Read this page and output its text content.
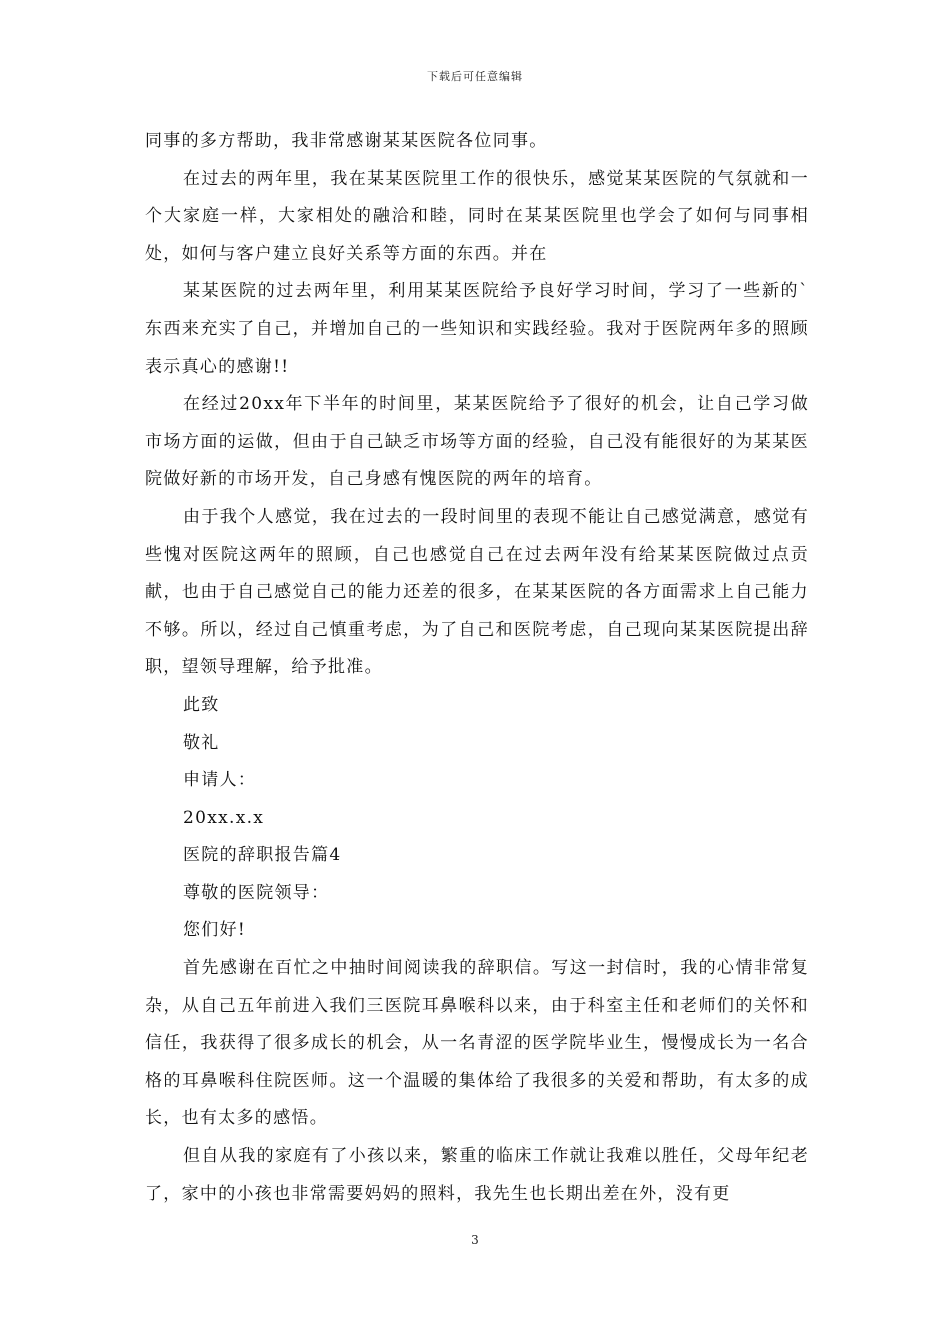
下载后可任意编辑

同事的多方帮助，我非常感谢某某医院各位同事。

在过去的两年里，我在某某医院里工作的很快乐，感觉某某医院的气氛就和一个大家庭一样，大家相处的融洽和睦，同时在某某医院里也学会了如何与同事相处，如何与客户建立良好关系等方面的东西。并在

某某医院的过去两年里，利用某某医院给予良好学习时间，学习了一些新的`东西来充实了自己，并增加自己的一些知识和实践经验。我对于医院两年多的照顾表示真心的感谢!!

在经过20xx年下半年的时间里，某某医院给予了很好的机会，让自己学习做市场方面的运做，但由于自己缺乏市场等方面的经验，自己没有能很好的为某某医院做好新的市场开发，自己身感有愧医院的两年的培育。

由于我个人感觉，我在过去的一段时间里的表现不能让自己感觉满意，感觉有些愧对医院这两年的照顾，自己也感觉自己在过去两年没有给某某医院做过点贡献，也由于自己感觉自己的能力还差的很多，在某某医院的各方面需求上自己能力不够。所以，经过自己慎重考虑，为了自己和医院考虑，自己现向某某医院提出辞职，望领导理解，给予批准。

此致

敬礼

申请人：

20xx.x.x

医院的辞职报告篇4

尊敬的医院领导：

您们好!

首先感谢在百忙之中抽时间阅读我的辞职信。写这一封信时，我的心情非常复杂，从自己五年前进入我们三医院耳鼻喉科以来，由于科室主任和老师们的关怀和信任，我获得了很多成长的机会，从一名青涩的医学院毕业生，慢慢成长为一名合格的耳鼻喉科住院医师。这一个温暖的集体给了我很多的关爱和帮助，有太多的成长，也有太多的感悟。

但自从我的家庭有了小孩以来，繁重的临床工作就让我难以胜任，父母年纪老了，家中的小孩也非常需要妈妈的照料，我先生也长期出差在外，没有更

3
